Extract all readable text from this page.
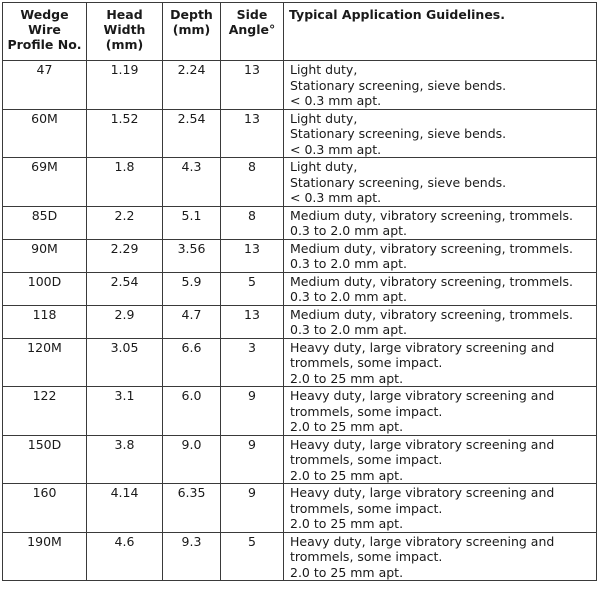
Wedge Wire Profile No.	Head Width (mm)	Depth (mm)	Side Angle°	Typical Application Guidelines.
47	1.19	2.24	13	Light duty,
Stationary screening, sieve bends.
< 0.3 mm apt.
60M	1.52	2.54	13	Light duty,
Stationary screening, sieve bends.
< 0.3 mm apt.
69M	1.8	4.3	8	Light duty,
Stationary screening, sieve bends.
< 0.3 mm apt.
85D	2.2	5.1	8	Medium duty, vibratory screening, trommels.
0.3 to 2.0 mm apt.
90M	2.29	3.56	13	Medium duty, vibratory screening, trommels.
0.3 to 2.0 mm apt.
100D	2.54	5.9	5	Medium duty, vibratory screening, trommels.
0.3 to 2.0 mm apt.
118	2.9	4.7	13	Medium duty, vibratory screening, trommels.
0.3 to 2.0 mm apt.
120M	3.05	6.6	3	Heavy duty, large vibratory screening and
trommels, some impact.
2.0 to 25 mm apt.
122	3.1	6.0	9	Heavy duty, large vibratory screening and
trommels, some impact.
2.0 to 25 mm apt.
150D	3.8	9.0	9	Heavy duty, large vibratory screening and
trommels, some impact.
2.0 to 25 mm apt.
160	4.14	6.35	9	Heavy duty, large vibratory screening and
trommels, some impact.
2.0 to 25 mm apt.
190M	4.6	9.3	5	Heavy duty, large vibratory screening and
trommels, some impact.
2.0 to 25 mm apt.
